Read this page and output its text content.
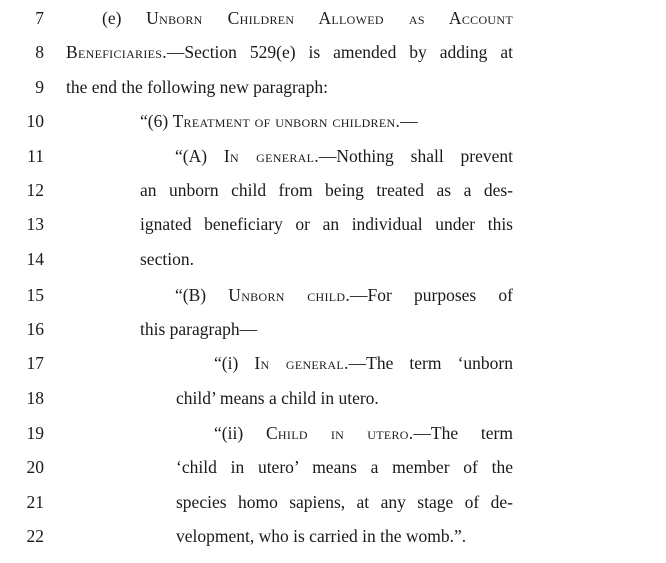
7	(e) Unborn Children Allowed as Account
8 Beneficiaries.—Section 529(e) is amended by adding at
9 the end the following new paragraph:
10	“(6) Treatment of unborn children.—
11	“(A) In general.—Nothing shall prevent
12	an unborn child from being treated as a des-
13	ignated beneficiary or an individual under this
14	section.
15	“(B) Unborn child.—For purposes of
16	this paragraph—
17	“(i) In general.—The term ‘unborn
18	child’ means a child in utero.
19	“(ii) Child in utero.—The term
20	‘child in utero’ means a member of the
21	species homo sapiens, at any stage of de-
22	velopment, who is carried in the womb.”.
